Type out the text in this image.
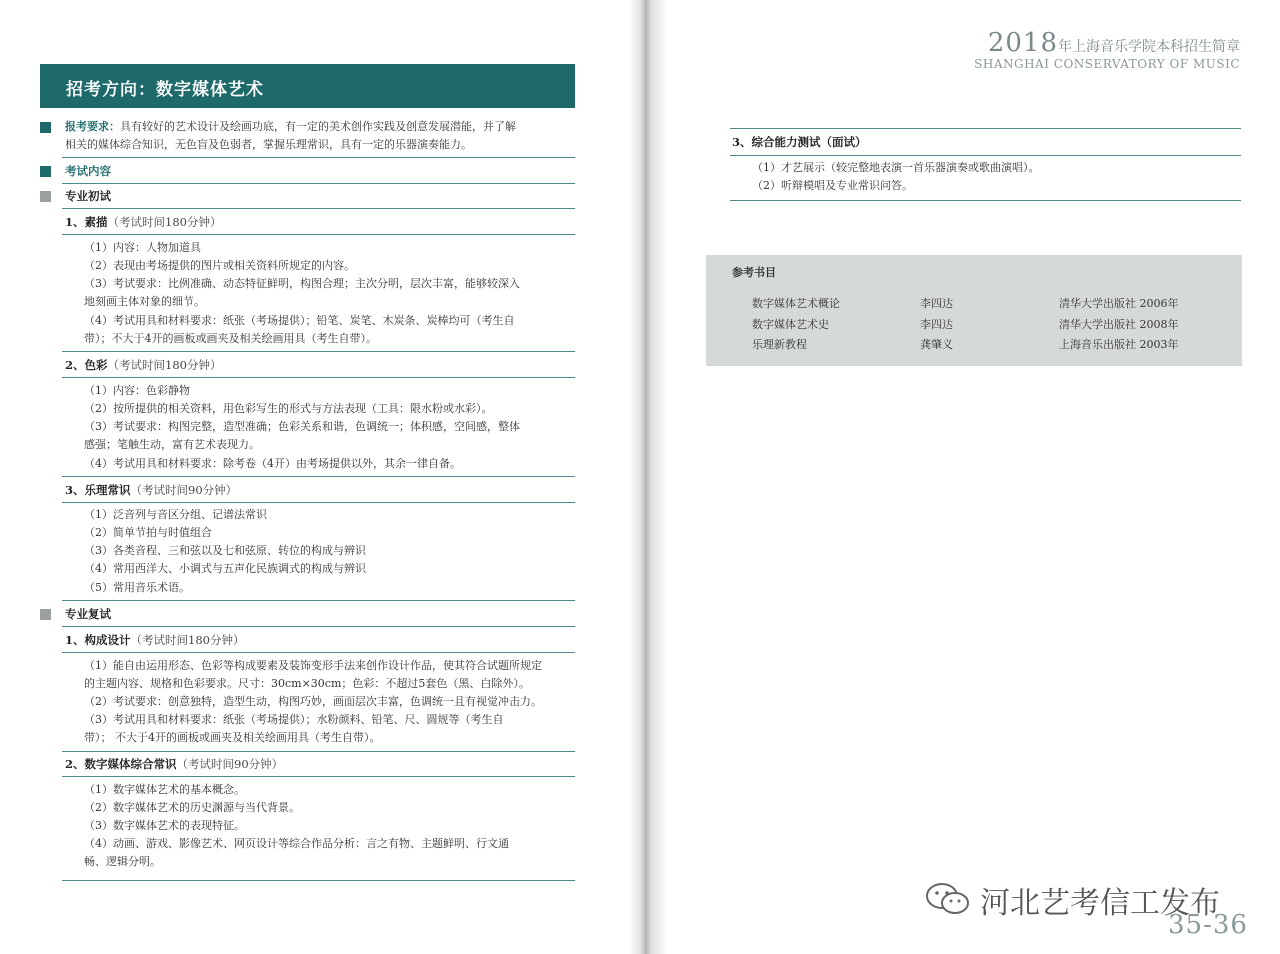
招考方向：数字媒体艺术
报考要求：具有较好的艺术设计及绘画功底，有一定的美术创作实践及创意发展潜能，并了解
相关的媒体综合知识，无色盲及色弱者，掌握乐理常识，具有一定的乐器演奏能力。
考试内容
专业初试
1、素描（考试时间180分钟）
（1）内容：人物加道具
（2）表现由考场提供的图片或相关资料所规定的内容。
（3）考试要求：比例准确、动态特征鲜明，构图合理；主次分明，层次丰富，能够较深入
地刻画主体对象的细节。
（4）考试用具和材料要求：纸张（考场提供）；铅笔、炭笔、木炭条、炭棒均可（考生自
带）；不大于4开的画板或画夹及相关绘画用具（考生自带）。
2、色彩（考试时间180分钟）
（1）内容：色彩静物
（2）按所提供的相关资料，用色彩写生的形式与方法表现（工具：限水粉或水彩）。
（3）考试要求：构图完整，造型准确；色彩关系和谐，色调统一；体积感，空间感，整体
感强；笔触生动，富有艺术表现力。
（4）考试用具和材料要求：除考卷（4开）由考场提供以外，其余一律自备。
3、乐理常识（考试时间90分钟）
（1）泛音列与音区分组、记谱法常识
（2）简单节拍与时值组合
（3）各类音程、三和弦以及七和弦原、转位的构成与辨识
（4）常用西洋大、小调式与五声化民族调式的构成与辨识
（5）常用音乐术语。
专业复试
1、构成设计（考试时间180分钟）
（1）能自由运用形态、色彩等构成要素及装饰变形手法来创作设计作品，使其符合试题所规定
的主题内容、规格和色彩要求。尺寸：30cm×30cm；色彩：不超过5套色（黑、白除外）。
（2）考试要求：创意独特，造型生动，构图巧妙，画面层次丰富，色调统一且有视觉冲击力。
（3）考试用具和材料要求：纸张（考场提供）；水粉颜料、铅笔、尺、圆规等（考生自
带）； 不大于4开的画板或画夹及相关绘画用具（考生自带）。
2、数字媒体综合常识（考试时间90分钟）
（1）数字媒体艺术的基本概念。
（2）数字媒体艺术的历史渊源与当代背景。
（3）数字媒体艺术的表现特征。
（4）动画、游戏、影像艺术、网页设计等综合作品分析：言之有物、主题鲜明、行文通
畅、逻辑分明。
2018年上海音乐学院本科招生简章
SHANGHAI CONSERVATORY OF MUSIC
3、综合能力测试（面试）
（1）才艺展示（较完整地表演一首乐器演奏或歌曲演唱）。
（2）听辩模唱及专业常识问答。
参考书目
数字媒体艺术概论	李四达	清华大学出版社 2006年
数字媒体艺术史	李四达	清华大学出版社 2008年
乐理新教程	龚肇义	上海音乐出版社 2003年
河北艺考信工发布
35-36
